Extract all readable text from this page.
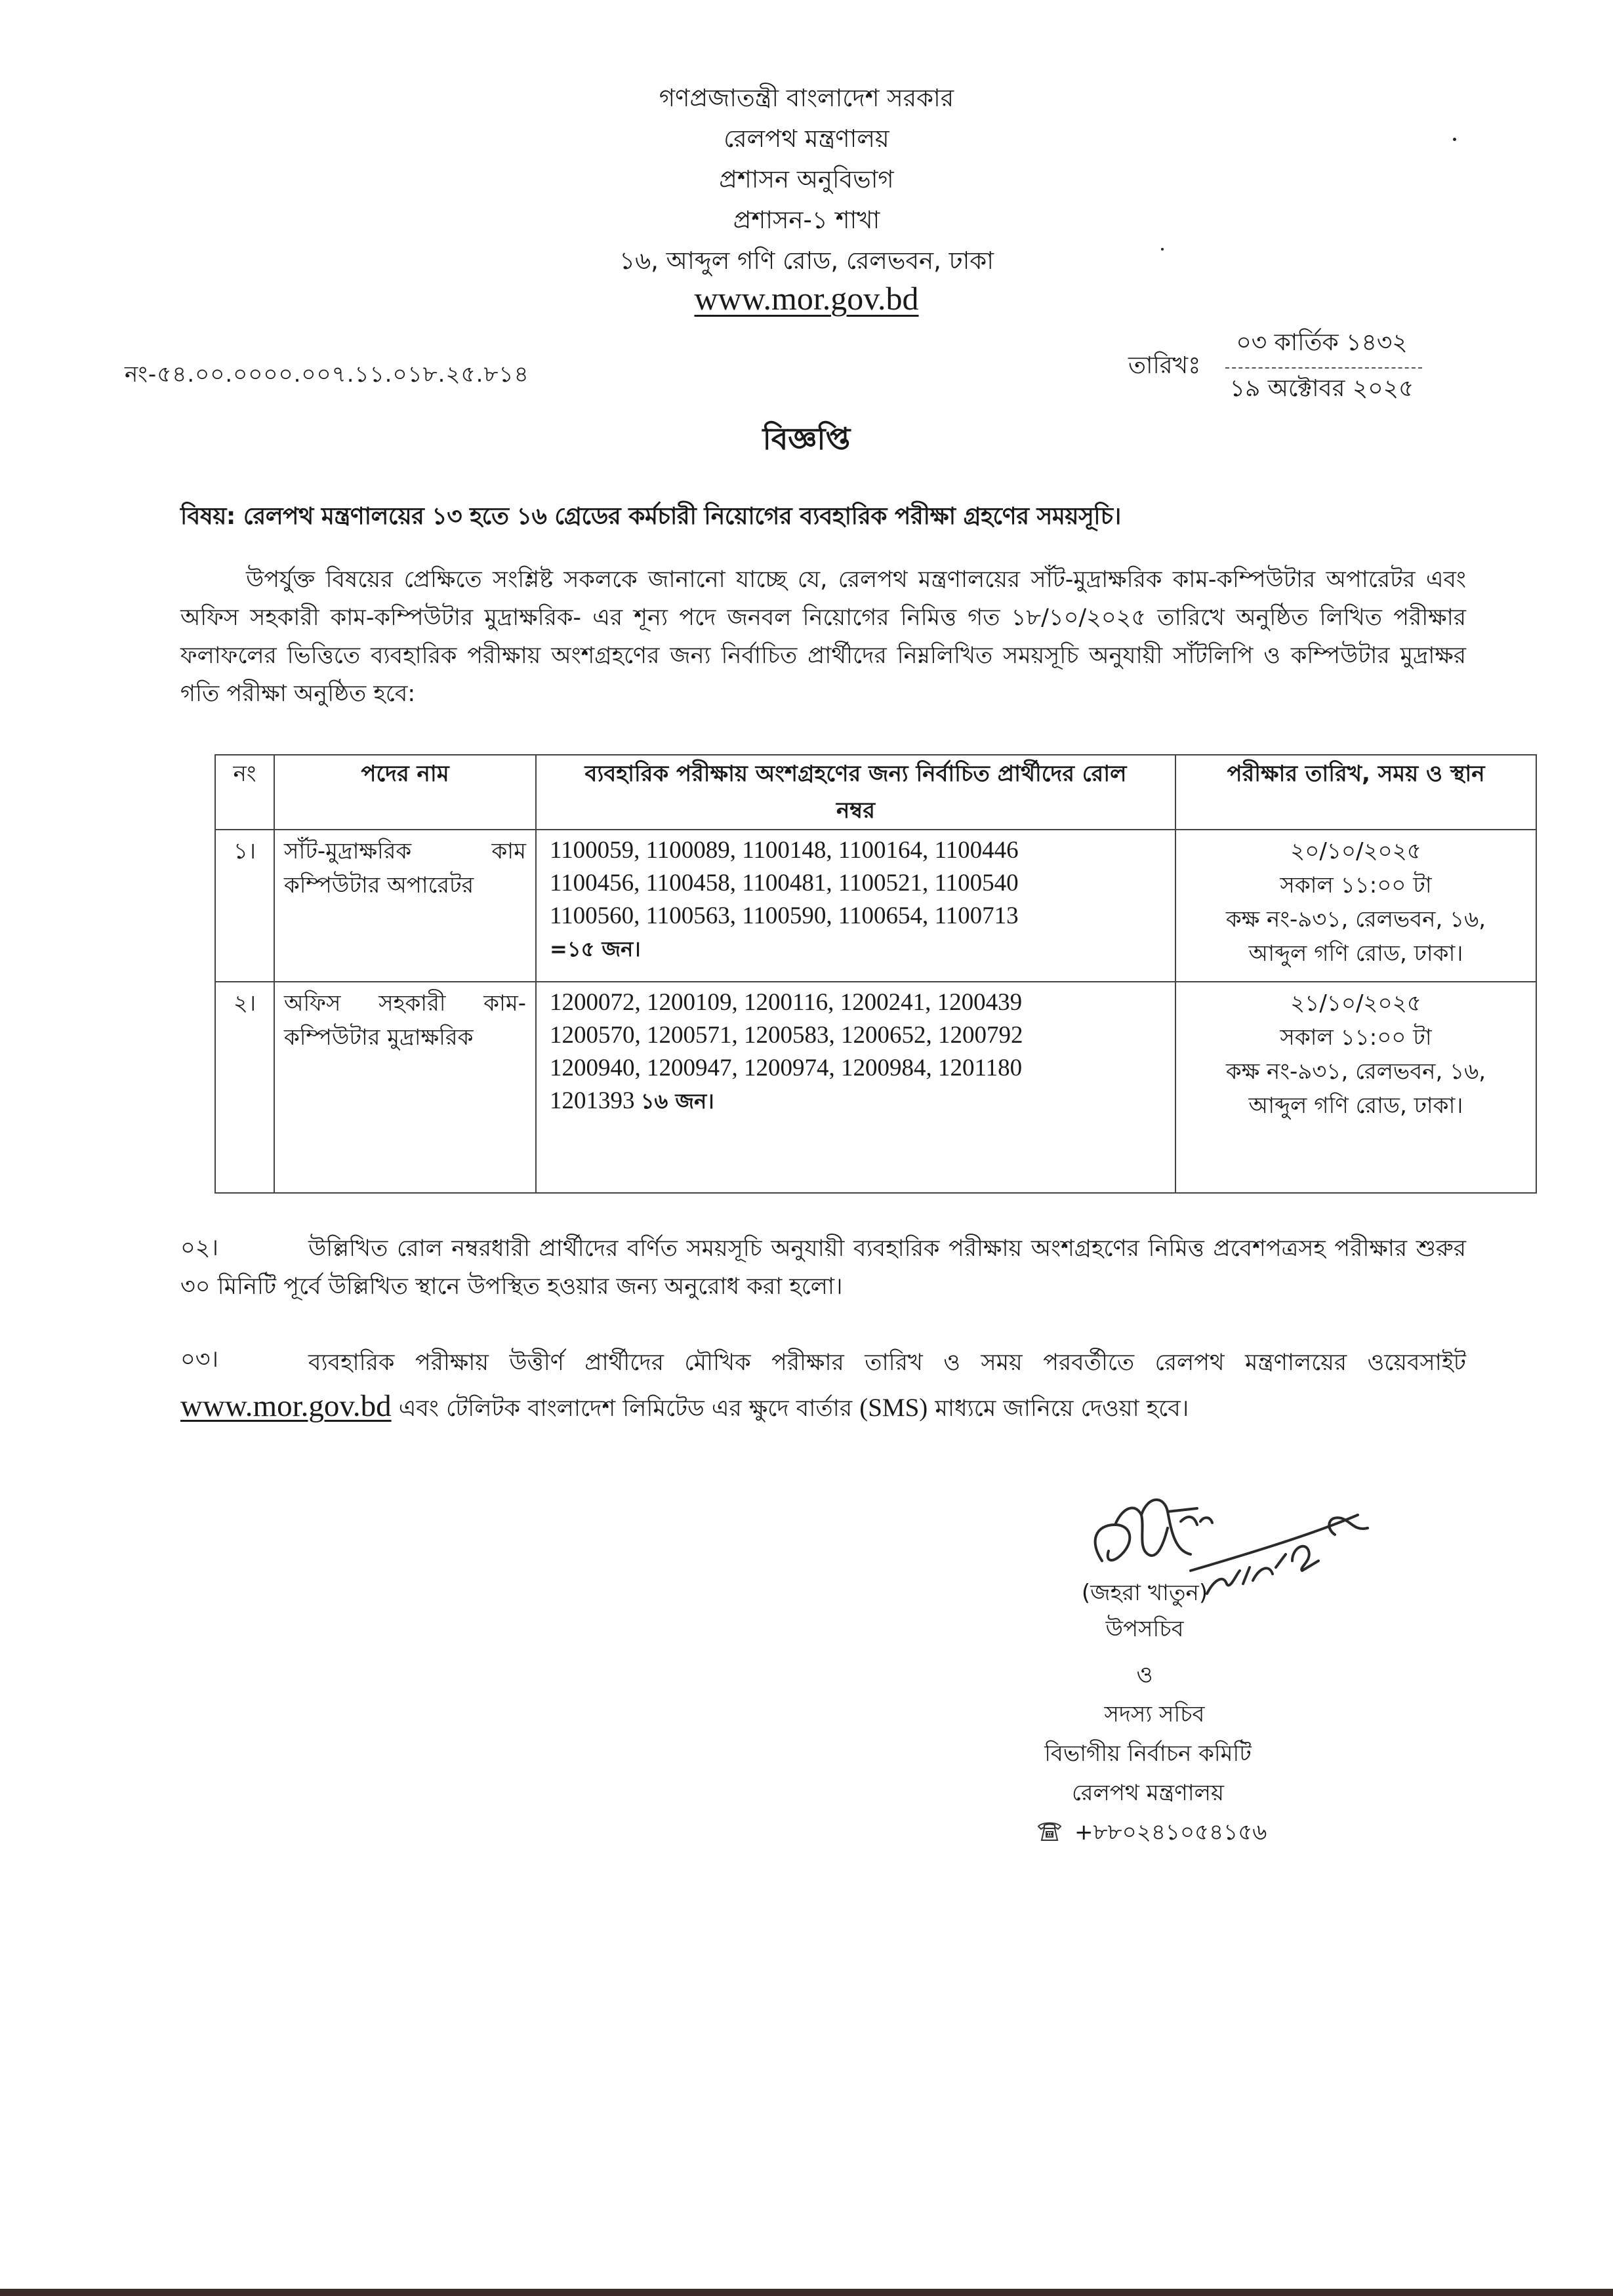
গণপ্রজাতন্ত্রী বাংলাদেশ সরকার
রেলপথ মন্ত্রণালয়
প্রশাসন অনুবিভাগ
প্রশাসন-১ শাখা
১৬, আব্দুল গণি রোড, রেলভবন, ঢাকা
www.mor.gov.bd
নং-৫৪.০০.০০০০.০০৭.১১.০১৮.২৫.৮১৪	তারিখঃ
০৩ কার্তিক ১৪৩২
১৯ অক্টোবর ২০২৫
বিজ্ঞপ্তি
বিষয়: রেলপথ মন্ত্রণালয়ের ১৩ হতে ১৬ গ্রেডের কর্মচারী নিয়োগের ব্যবহারিক পরীক্ষা গ্রহণের সময়সূচি।
উপর্যুক্ত বিষয়ের প্রেক্ষিতে সংশ্লিষ্ট সকলকে জানানো যাচ্ছে যে, রেলপথ মন্ত্রণালয়ের সাঁট-মুদ্রাক্ষরিক কাম-কম্পিউটার অপারেটর এবং অফিস সহকারী কাম-কম্পিউটার মুদ্রাক্ষরিক- এর শূন্য পদে জনবল নিয়োগের নিমিত্ত গত ১৮/১০/২০২৫ তারিখে অনুষ্ঠিত লিখিত পরীক্ষার ফলাফলের ভিত্তিতে ব্যবহারিক পরীক্ষায় অংশগ্রহণের জন্য নির্বাচিত প্রার্থীদের নিম্নলিখিত সময়সূচি অনুযায়ী সাঁটলিপি ও কম্পিউটার মুদ্রাক্ষর গতি পরীক্ষা অনুষ্ঠিত হবে:
নং	পদের নাম	ব্যবহারিক পরীক্ষায় অংশগ্রহণের জন্য নির্বাচিত প্রার্থীদের রোল নম্বর	পরীক্ষার তারিখ, সময় ও স্থান

১।	সাঁট-মুদ্রাক্ষরিক কাম কম্পিউটার অপারেটর	1100059, 1100089, 1100148, 1100164, 1100446
1100456, 1100458, 1100481, 1100521, 1100540
1100560, 1100563, 1100590, 1100654, 1100713
=১৫ জন।	২০/১০/২০২৫
সকাল ১১:০০ টা
কক্ষ নং-৯৩১, রেলভবন, ১৬,
আব্দুল গণি রোড, ঢাকা।

২।	অফিস সহকারী কাম-কম্পিউটার মুদ্রাক্ষরিক	1200072, 1200109, 1200116, 1200241, 1200439
1200570, 1200571, 1200583, 1200652, 1200792
1200940, 1200947, 1200974, 1200984, 1201180
1201393 ১৬ জন।	২১/১০/২০২৫
সকাল ১১:০০ টা
কক্ষ নং-৯৩১, রেলভবন, ১৬,
আব্দুল গণি রোড, ঢাকা।
০২।	উল্লিখিত রোল নম্বরধারী প্রার্থীদের বর্ণিত সময়সূচি অনুযায়ী ব্যবহারিক পরীক্ষায় অংশগ্রহণের নিমিত্ত প্রবেশপত্রসহ পরীক্ষার শুরুর ৩০ মিনিটি পূর্বে উল্লিখিত স্থানে উপস্থিত হওয়ার জন্য অনুরোধ করা হলো।
০৩।	ব্যবহারিক পরীক্ষায় উত্তীর্ণ প্রার্থীদের মৌখিক পরীক্ষার তারিখ ও সময় পরবর্তীতে রেলপথ মন্ত্রণালয়ের ওয়েবসাইট www.mor.gov.bd এবং টেলিটক বাংলাদেশ লিমিটেড এর ক্ষুদে বার্তার (SMS) মাধ্যমে জানিয়ে দেওয়া হবে।
(জহরা খাতুন)
উপসচিব
ও
সদস্য সচিব
বিভাগীয় নির্বাচন কমিটি
রেলপথ মন্ত্রণালয়
+৮৮০২৪১০৫৪১৫৬
